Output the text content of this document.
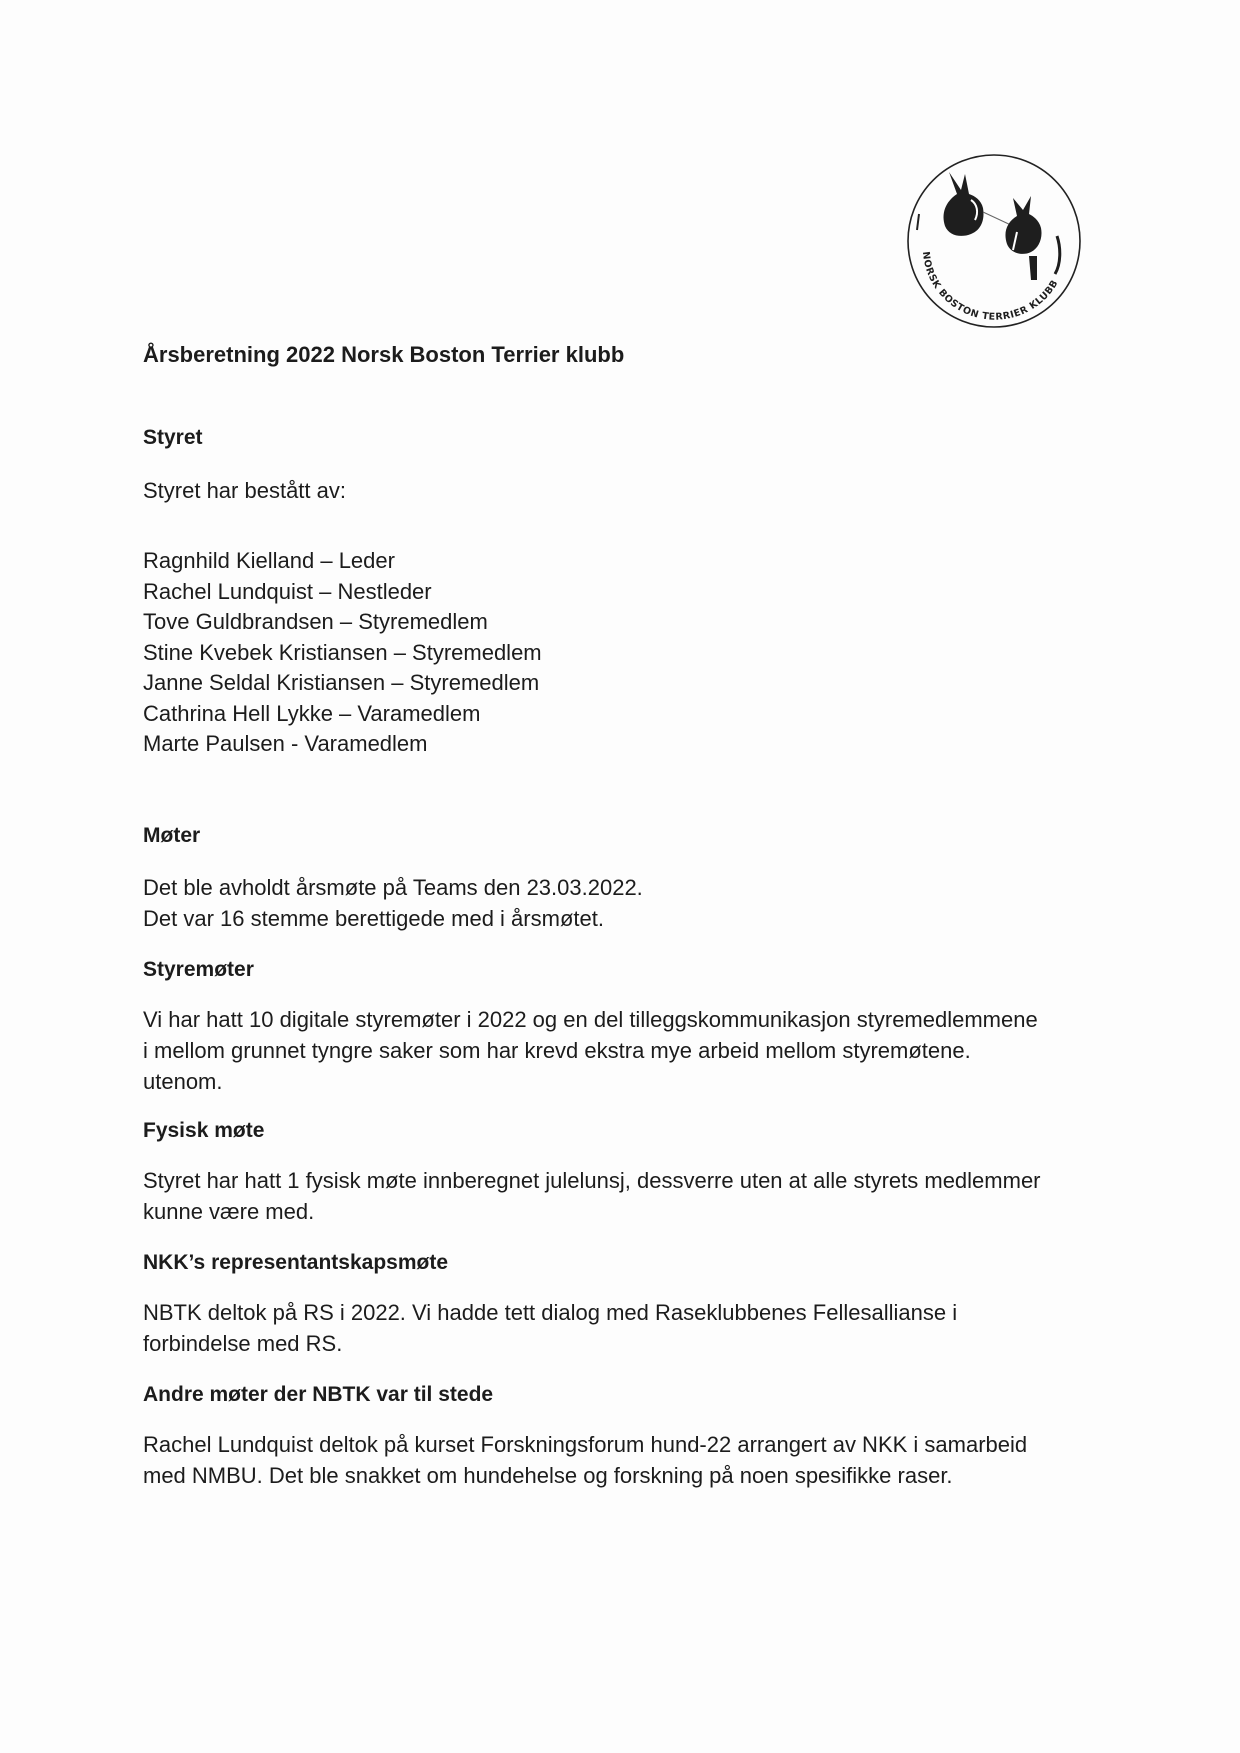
NORSK BOSTON TERRIER KLUBB

Årsberetning 2022 Norsk Boston Terrier klubb

Styret

Styret har bestått av:

Ragnhild Kielland – Leder

Rachel Lundquist – Nestleder

Tove Guldbrandsen – Styremedlem

Stine Kvebek Kristiansen – Styremedlem

Janne Seldal Kristiansen – Styremedlem

Cathrina Hell Lykke – Varamedlem

Marte Paulsen - Varamedlem

Møter

Det ble avholdt årsmøte på Teams den 23.03.2022.

Det var 16 stemme berettigede med i årsmøtet.

Styremøter

Vi har hatt 10 digitale styremøter i 2022 og en del tilleggskommunikasjon styremedlemmene

i mellom grunnet tyngre saker som har krevd ekstra mye arbeid mellom styremøtene.

utenom.

Fysisk møte

Styret har hatt 1 fysisk møte innberegnet julelunsj, dessverre uten at alle styrets medlemmer

kunne være med.

NKK’s representantskapsmøte

NBTK deltok på RS i 2022. Vi hadde tett dialog med Raseklubbenes Fellesallianse i

forbindelse med RS.

Andre møter der NBTK var til stede

Rachel Lundquist deltok på kurset Forskningsforum hund-22 arrangert av NKK i samarbeid

med NMBU. Det ble snakket om hundehelse og forskning på noen spesifikke raser.
